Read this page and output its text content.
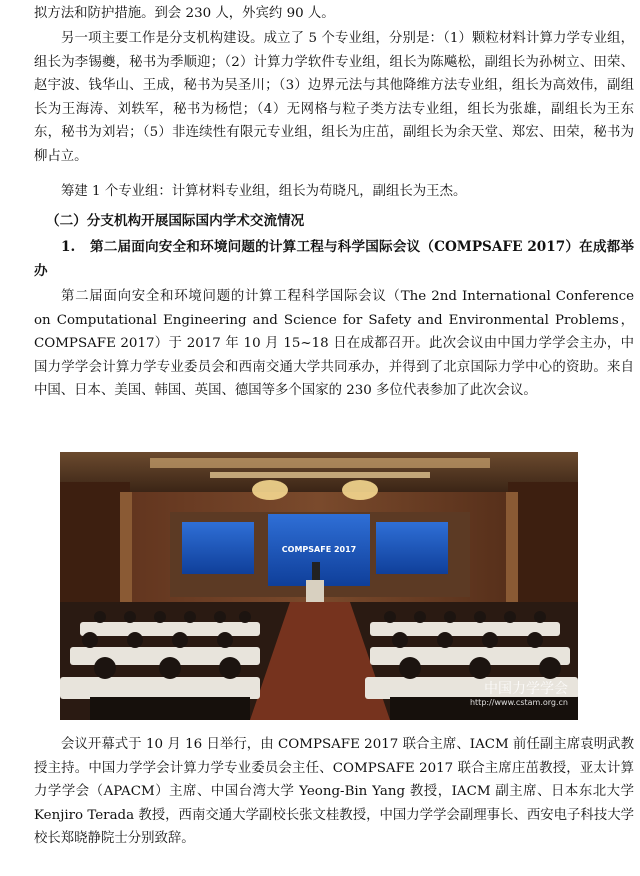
拟方法和防护措施。到会 230 人，外宾约 90 人。

另一项主要工作是分支机构建设。成立了 5 个专业组，分别是：（1）颗粒材料计算力学专业组，组长为李锡夔，秘书为季顺迎；（2）计算力学软件专业组，组长为陈飚松，副组长为孙树立、田荣、赵宇波、钱华山、王成，秘书为吴圣川；（3）边界元法与其他降维方法专业组，组长为高效伟，副组长为王海涛、刘轶军，秘书为杨恺；（4）无网格与粒子类方法专业组，组长为张雄，副组长为王东东，秘书为刘岩；（5）非连续性有限元专业组，组长为庄茁，副组长为余天堂、郑宏、田荣，秘书为柳占立。

筹建 1 个专业组：计算材料专业组，组长为苟晓凡，副组长为王杰。

（二）分支机构开展国际国内学术交流情况

1. 第二届面向安全和环境问题的计算工程与科学国际会议（COMPSAFE 2017）在成都举办

第二届面向安全和环境问题的计算工程科学国际会议（The 2nd International Conference on Computational Engineering and Science for Safety and Environmental Problems，COMPSAFE 2017）于 2017 年 10 月 15~18 日在成都召开。此次会议由中国力学学会主办，中国力学学会计算力学专业委员会和西南交通大学共同承办，并得到了北京国际力学中心的资助。来自中国、日本、美国、韩国、英国、德国等多个国家的 230 多位代表参加了此次会议。

COMPSAFE 2017
中国力学学会
http://www.cstam.org.cn

会议开幕式于 10 月 16 日举行，由 COMPSAFE 2017 联合主席、IACM 前任副主席袁明武教授主持。中国力学学会计算力学专业委员会主任、COMPSAFE 2017 联合主席庄茁教授，亚太计算力学学会（APACM）主席、中国台湾大学 Yeong-Bin Yang 教授，IACM 副主席、日本东北大学 Kenjiro Terada 教授，西南交通大学副校长张文桂教授，中国力学学会副理事长、西安电子科技大学校长郑晓静院士分别致辞。
